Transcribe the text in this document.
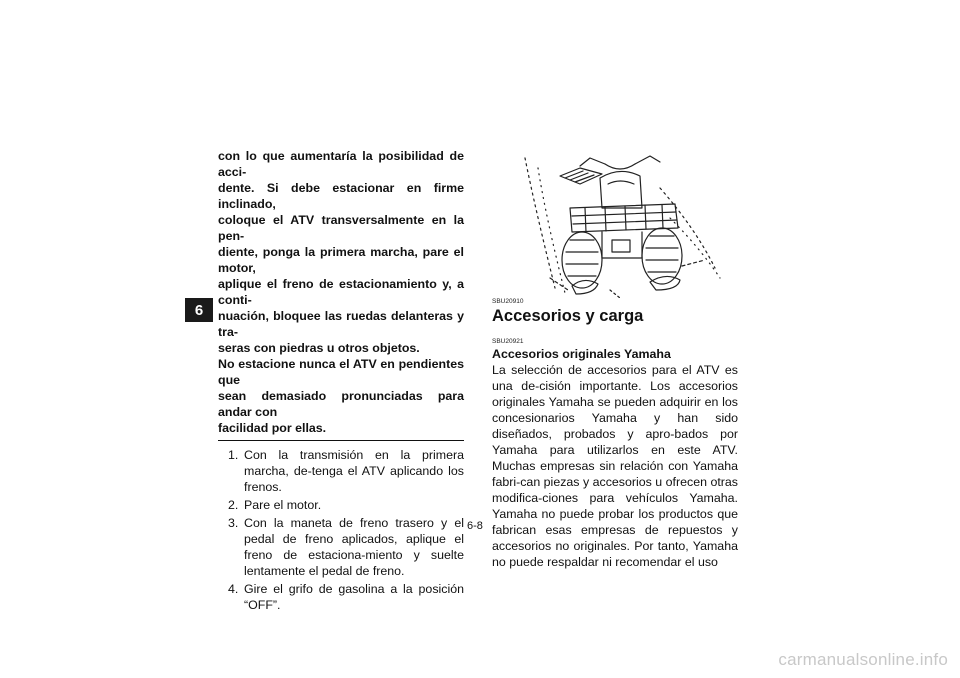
6

con lo que aumentaría la posibilidad de acci-

dente. Si debe estacionar en firme inclinado,

coloque el ATV transversalmente en la pen-

diente, ponga la primera marcha, pare el motor,

aplique el freno de estacionamiento y, a conti-

nuación, bloquee las ruedas delanteras y tra-

seras con piedras u otros objetos.

No estacione nunca el ATV en pendientes que

sean demasiado pronunciadas para andar con

facilidad por ellas.

1. Con la transmisión en la primera marcha, de-tenga el ATV aplicando los frenos.
2. Pare el motor.
3. Con la maneta de freno trasero y el pedal de freno aplicados, aplique el freno de estaciona-miento y suelte lentamente el pedal de freno.
4. Gire el grifo de gasolina a la posición “OFF”.

SBU20910

Accesorios y carga

SBU20921

Accesorios originales Yamaha

La selección de accesorios para el ATV es una de-cisión importante. Los accesorios originales Yamaha se pueden adquirir en los concesionarios Yamaha y han sido diseñados, probados y apro-bados por Yamaha para utilizarlos en este ATV. Muchas empresas sin relación con Yamaha fabri-can piezas y accesorios u ofrecen otras modifica-ciones para vehículos Yamaha. Yamaha no puede probar los productos que fabrican esas empresas de repuestos y accesorios no originales. Por tanto, Yamaha no puede respaldar ni recomendar el uso

6-8
carmanualsonline.info
